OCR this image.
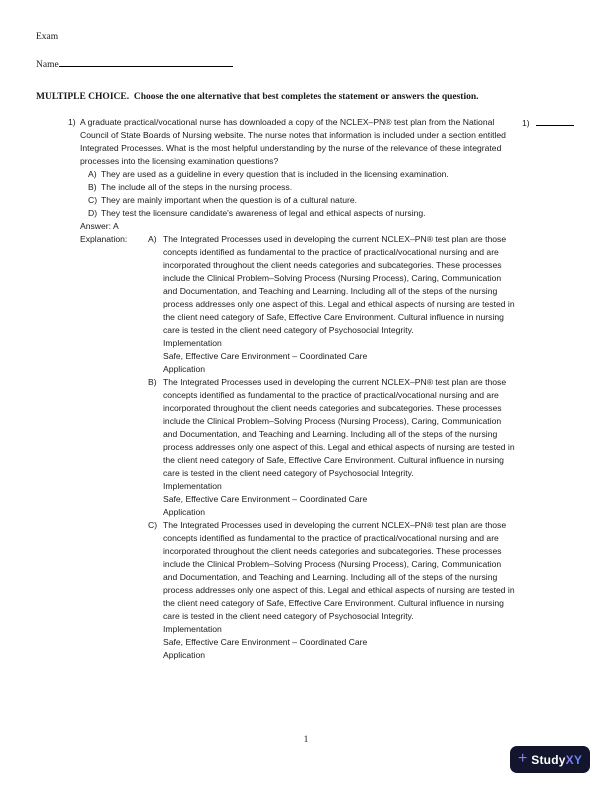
Exam
Name
MULTIPLE CHOICE.  Choose the one alternative that best completes the statement or answers the question.
1)
1) A graduate practical/vocational nurse has downloaded a copy of the NCLEX–PN® test plan from the National Council of State Boards of Nursing website. The nurse notes that information is included under a section entitled Integrated Processes. What is the most helpful understanding by the nurse of the relevance of these integrated processes into the licensing examination questions?
A) They are used as a guideline in every question that is included in the licensing examination.
B) The include all of the steps in the nursing process.
C) They are mainly important when the question is of a cultural nature.
D) They test the licensure candidate's awareness of legal and ethical aspects of nursing.
Answer: A
Explanation:	A) The Integrated Processes used in developing the current NCLEX–PN® test plan are those concepts identified as fundamental to the practice of practical/vocational nursing and are incorporated throughout the client needs categories and subcategories. These processes include the Clinical Problem–Solving Process (Nursing Process), Caring, Communication and Documentation, and Teaching and Learning. Including all of the steps of the nursing process addresses only one aspect of this. Legal and ethical aspects of nursing are tested in the client need category of Safe, Effective Care Environment. Cultural influence in nursing care is tested in the client need category of Psychosocial Integrity.
Implementation
Safe, Effective Care Environment – Coordinated Care
Application
B) The Integrated Processes used in developing the current NCLEX–PN® test plan are those concepts identified as fundamental to the practice of practical/vocational nursing and are incorporated throughout the client needs categories and subcategories. These processes include the Clinical Problem–Solving Process (Nursing Process), Caring, Communication and Documentation, and Teaching and Learning. Including all of the steps of the nursing process addresses only one aspect of this. Legal and ethical aspects of nursing are tested in the client need category of Safe, Effective Care Environment. Cultural influence in nursing care is tested in the client need category of Psychosocial Integrity.
Implementation
Safe, Effective Care Environment – Coordinated Care
Application
C) The Integrated Processes used in developing the current NCLEX–PN® test plan are those concepts identified as fundamental to the practice of practical/vocational nursing and are incorporated throughout the client needs categories and subcategories. These processes include the Clinical Problem–Solving Process (Nursing Process), Caring, Communication and Documentation, and Teaching and Learning. Including all of the steps of the nursing process addresses only one aspect of this. Legal and ethical aspects of nursing are tested in the client need category of Safe, Effective Care Environment. Cultural influence in nursing care is tested in the client need category of Psychosocial Integrity.
Implementation
Safe, Effective Care Environment – Coordinated Care
Application
1
+ StudyXY
